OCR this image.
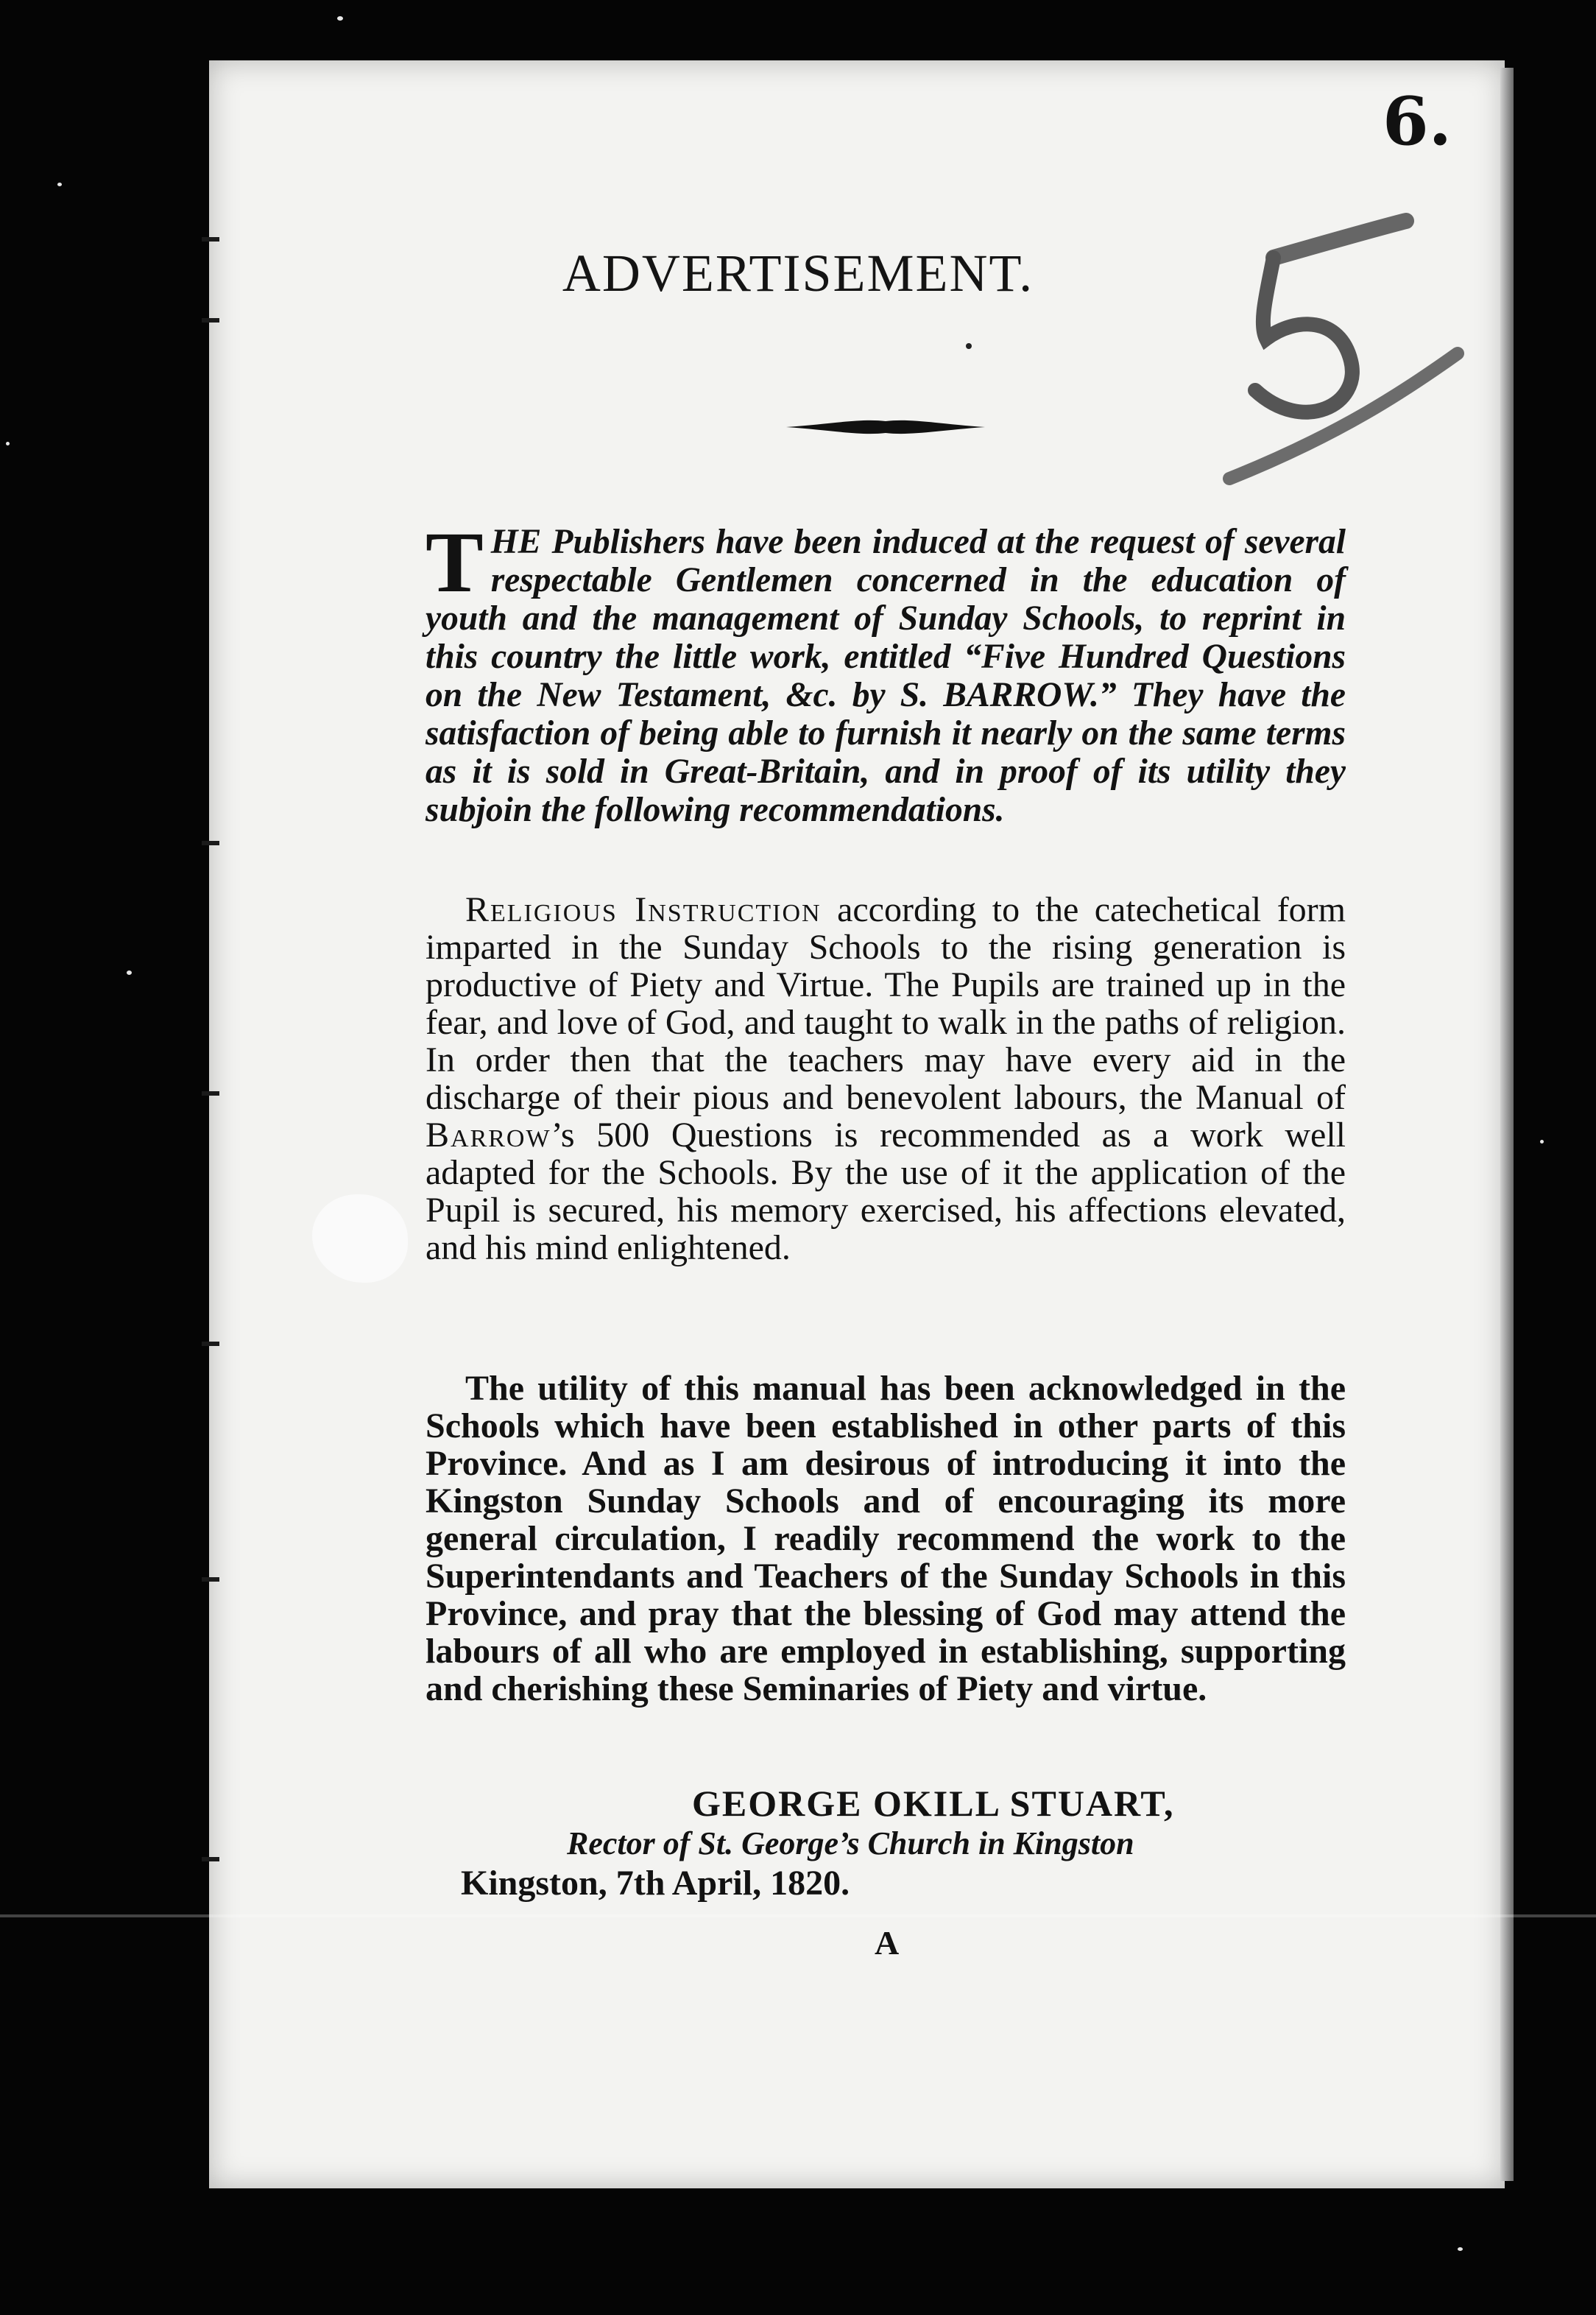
6.
ADVERTISEMENT.
THE Publishers have been induced at the request of several respectable Gentlemen concerned in the education of youth and the management of Sunday Schools, to reprint in this country the little work, entitled “Five Hundred Questions on the New Testament, &c. by S. BARROW.” They have the satisfaction of being able to furnish it nearly on the same terms as it is sold in Great-Britain, and in proof of its utility they subjoin the following recommendations.
Religious Instruction according to the catechetical form imparted in the Sunday Schools to the rising generation is productive of Piety and Virtue. The Pupils are trained up in the fear, and love of God, and taught to walk in the paths of religion. In order then that the teachers may have every aid in the discharge of their pious and benevolent labours, the Manual of Barrow’s 500 Questions is recommended as a work well adapted for the Schools. By the use of it the application of the Pupil is secured, his memory exercised, his affections elevated, and his mind enlightened.
The utility of this manual has been acknowledged in the Schools which have been established in other parts of this Province. And as I am desirous of introducing it into the Kingston Sunday Schools and of encouraging its more general circulation, I readily recommend the work to the Superintendants and Teachers of the Sunday Schools in this Province, and pray that the blessing of God may attend the labours of all who are employed in establishing, supporting and cherishing these Seminaries of Piety and virtue.
GEORGE OKILL STUART,
Rector of St. George’s Church in Kingston
Kingston, 7th April, 1820.
A
